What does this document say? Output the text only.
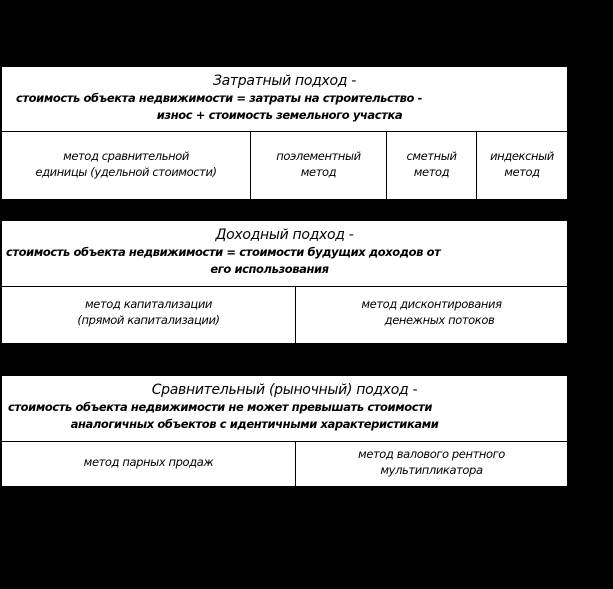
Затратный подход -
стоимость объекта недвижимости = затраты на строительство -
износ + стоимость земельного участка
метод сравнительной
единицы (удельной стоимости)
поэлементный
метод
сметный
метод
индексный
метод
Доходный подход -
стоимость объекта недвижимости = стоимости будущих доходов от
его использования
метод капитализации
(прямой капитализации)
метод дисконтирования
денежных потоков
Сравнительный (рыночный) подход -
стоимость объекта недвижимости не может превышать стоимости
аналогичных объектов с идентичными характеристиками
метод парных продаж
метод валового рентного
мультипликатора
